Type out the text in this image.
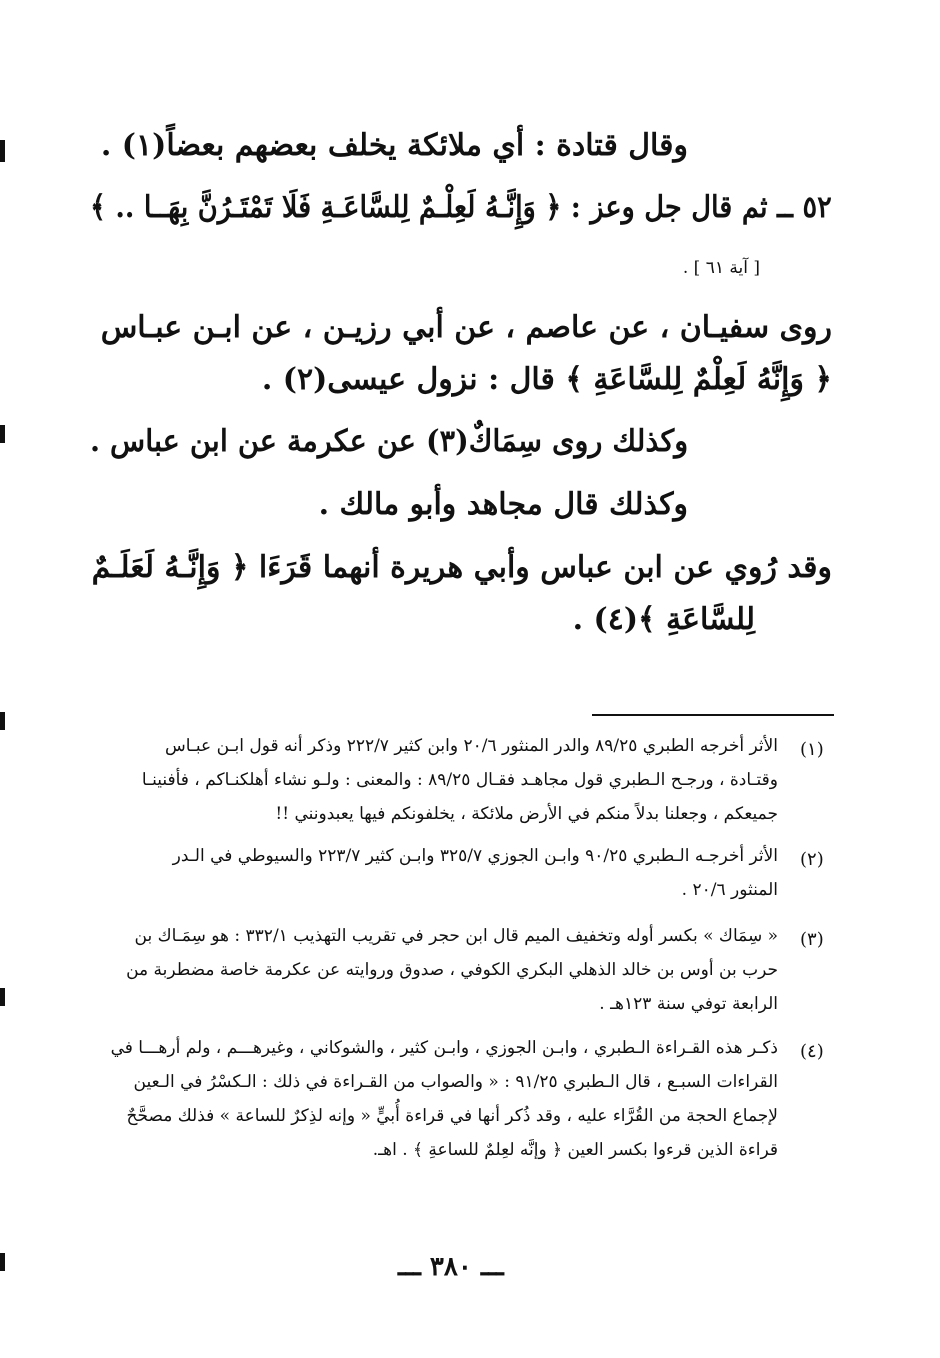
وقال قتادة : أي ملائكة يخلف بعضهم بعضاً(١) .
٥٢ ــ ثم قال جل وعز : ﴿ وَإِنَّـهُ لَعِلْـمٌ لِلسَّاعَـةِ فَلَا تَمْتَـرُنَّ بِهَــا .. ﴾
[ آية ٦١ ] .
روى سفيـان ، عن عاصم ، عن أبي رزيـن ، عن ابـن عبـاس
﴿ وَإِنَّهُ لَعِلْمٌ لِلسَّاعَةِ ﴾ قال : نزول عيسى(٢) .
وكذلك روى سِمَاكٌ(٣) عن عكرمة عن ابن عباس .
وكذلك قال مجاهد وأبو مالك .
وقد رُوي عن ابن عباس وأبي هريرة أنهما قَرَءَا ﴿ وَإِنَّـهُ لَعَلَـمٌ
لِلسَّاعَةِ ﴾(٤) .
(١)
الأثر أخرجه الطبري ٨٩/٢٥ والدر المنثور ٢٠/٦ وابن كثير ٢٢٢/٧ وذكر أنه قول ابـن عبـاس
وقتـادة ، ورجـح الـطبري قول مجاهـد فقـال ٨٩/٢٥ : والمعنى : ولـو نشاء أهلكنـاكم ، فأفنينـا
جميعكم ، وجعلنا بدلاً منكم في الأرض ملائكة ، يخلفونكم فيها يعبدونني !!
(٢)
الأثر أخرجـه الـطبري ٩٠/٢٥ وابـن الجوزي ٣٢٥/٧ وابـن كثير ٢٢٣/٧ والسيوطي في الـدر
المنثور ٢٠/٦ .
(٣)
« سِمَاك » بكسر أوله وتخفيف الميم قال ابن حجر في تقريب التهذيب ٣٣٢/١ : هو سِمَـاك بن
حرب بن أوس بن خالد الذهلي البكري الكوفي ، صدوق وروايته عن عكرمة خاصة مضطربة من
الرابعة توفي سنة ١٢٣هـ .
(٤)
ذكـر هذه القـراءة الـطبري ، وابـن الجوزي ، وابـن كثير ، والشوكاني ، وغيرهـــم ، ولم أرهـــا في
القراءات السبـع ، قال الـطبري ٩١/٢٥ : « والصواب من القـراءة في ذلك : الـكسْرُ في الـعين
لإجماع الحجة من القُرَّاء عليه ، وقد ذُكر أنها في قراءة أُبيٍّ « وإنه لذِكرٌ للساعة » فذلك مصحَّحٌ
قراءة الذين قرءوا بكسر العين ﴿ وإنَّه لعِلمٌ للساعةِ ﴾ . اهـ.
ـــ ٣٨٠ ـــ
